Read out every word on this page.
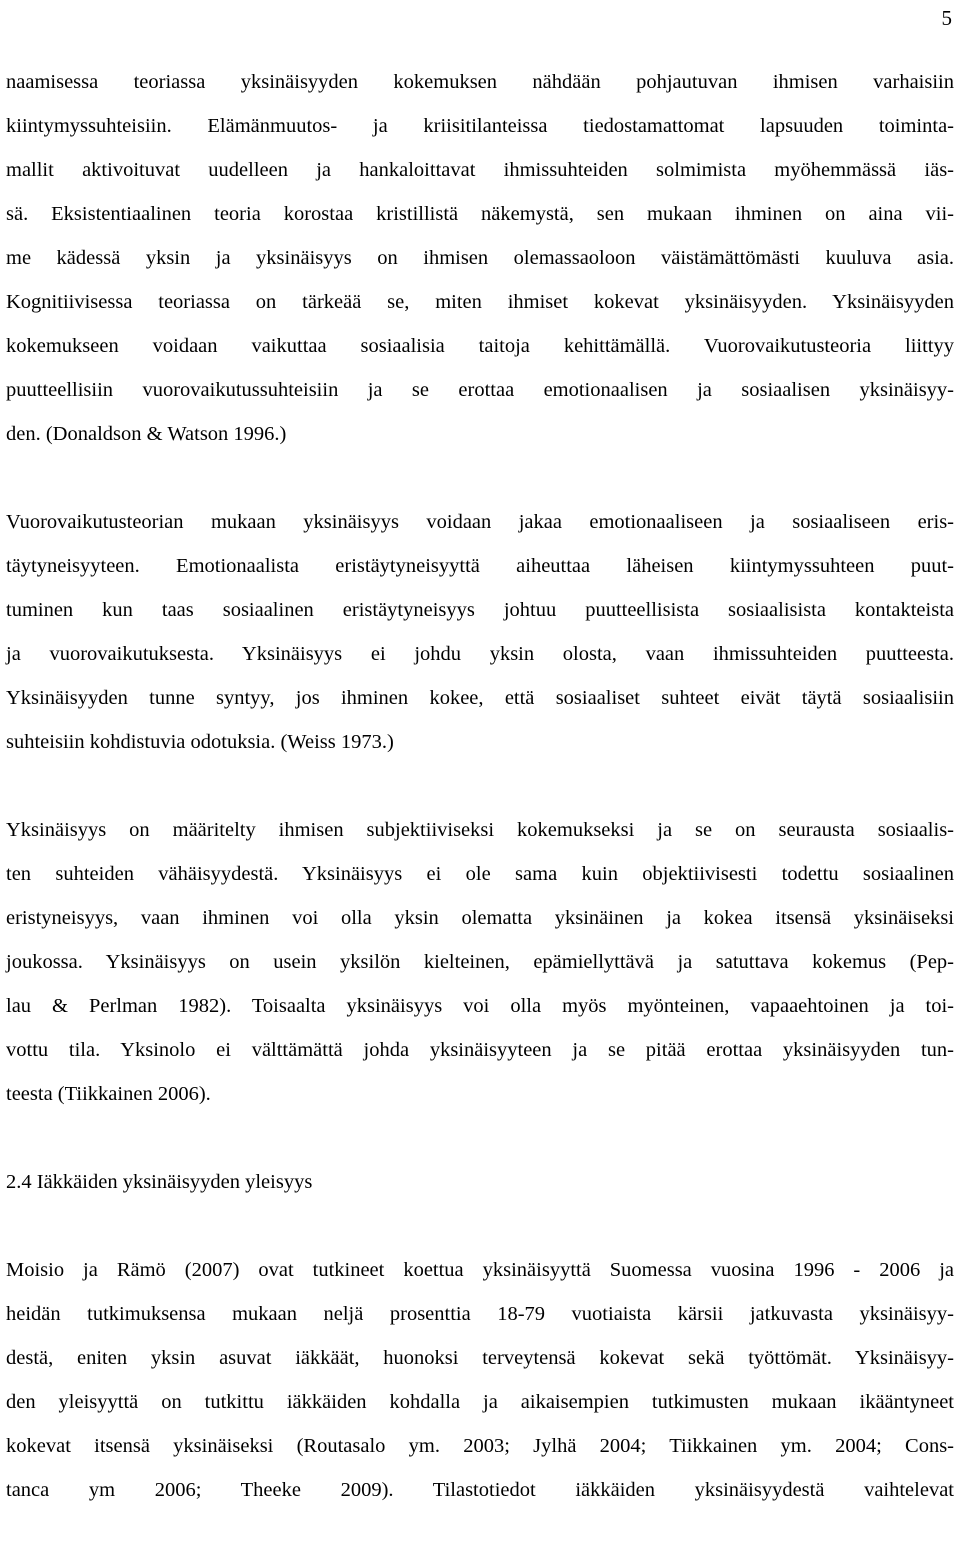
5
naamisessa teoriassa yksinäisyyden kokemuksen nähdään pohjautuvan ihmisen varhaisiin
kiintymyssuhteisiin. Elämänmuutos- ja kriisitilanteissa tiedostamattomat lapsuuden toiminta-
mallit aktivoituvat uudelleen ja hankaloittavat ihmissuhteiden solmimista myöhemmässä iäs-
sä. Eksistentiaalinen teoria korostaa kristillistä näkemystä, sen mukaan ihminen on aina vii-
me kädessä yksin ja yksinäisyys on ihmisen olemassaoloon väistämättömästi kuuluva asia.
Kognitiivisessa teoriassa on tärkeää se, miten ihmiset kokevat yksinäisyyden. Yksinäisyyden
kokemukseen voidaan vaikuttaa sosiaalisia taitoja kehittämällä. Vuorovaikutusteoria liittyy
puutteellisiin vuorovaikutussuhteisiin ja se erottaa emotionaalisen ja sosiaalisen yksinäisyy-
den. (Donaldson & Watson 1996.)
Vuorovaikutusteorian mukaan yksinäisyys voidaan jakaa emotionaaliseen ja sosiaaliseen eris-
täytyneisyyteen. Emotionaalista eristäytyneisyyttä aiheuttaa läheisen kiintymyssuhteen puut-
tuminen kun taas sosiaalinen eristäytyneisyys johtuu puutteellisista sosiaalisista kontakteista
ja vuorovaikutuksesta. Yksinäisyys ei johdu yksin olosta, vaan ihmissuhteiden puutteesta.
Yksinäisyyden tunne syntyy, jos ihminen kokee, että sosiaaliset suhteet eivät täytä sosiaalisiin
suhteisiin kohdistuvia odotuksia. (Weiss 1973.)
Yksinäisyys on määritelty ihmisen subjektiiviseksi kokemukseksi ja se on seurausta sosiaalis-
ten suhteiden vähäisyydestä. Yksinäisyys ei ole sama kuin objektiivisesti todettu sosiaalinen
eristyneisyys, vaan ihminen voi olla yksin olematta yksinäinen ja kokea itsensä yksinäiseksi
joukossa. Yksinäisyys on usein yksilön kielteinen, epämiellyttävä ja satuttava kokemus (Pep-
lau & Perlman 1982). Toisaalta yksinäisyys voi olla myös myönteinen, vapaaehtoinen ja toi-
vottu tila. Yksinolo ei välttämättä johda yksinäisyyteen ja se pitää erottaa yksinäisyyden tun-
teesta (Tiikkainen 2006).
2.4 Iäkkäiden yksinäisyyden yleisyys
Moisio ja Rämö (2007) ovat tutkineet koettua yksinäisyyttä Suomessa vuosina 1996 - 2006 ja
heidän tutkimuksensa mukaan neljä prosenttia 18-79 vuotiaista kärsii jatkuvasta yksinäisyy-
destä, eniten yksin asuvat iäkkäät, huonoksi terveytensä kokevat sekä työttömät. Yksinäisyy-
den yleisyyttä on tutkittu iäkkäiden kohdalla ja aikaisempien tutkimusten mukaan ikääntyneet
kokevat itsensä yksinäiseksi (Routasalo ym. 2003; Jylhä 2004; Tiikkainen ym. 2004; Cons-
tanca ym 2006; Theeke 2009). Tilastotiedot iäkkäiden yksinäisyydestä vaihtelevat
